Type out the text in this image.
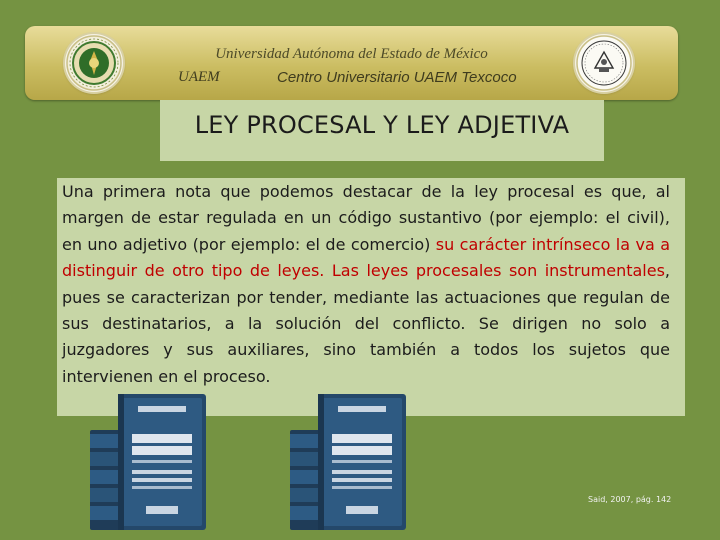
Universidad Autónoma del Estado de México
UAEM	Centro Universitario UAEM Texcoco
LEY PROCESAL Y LEY ADJETIVA

Una primera nota que podemos destacar de la ley procesal es que, al margen de estar regulada en un código sustantivo (por ejemplo: el civil), en uno adjetivo (por ejemplo: el de comercio) su carácter intrínseco la va a distinguir de otro tipo de leyes. Las leyes procesales son instrumentales, pues se caracterizan por tender, mediante las actuaciones que regulan de sus destinatarios, a la solución del conflicto. Se dirigen no solo a juzgadores y sus auxiliares, sino también a todos los sujetos que intervienen en el proceso.

Said, 2007, pág. 142
